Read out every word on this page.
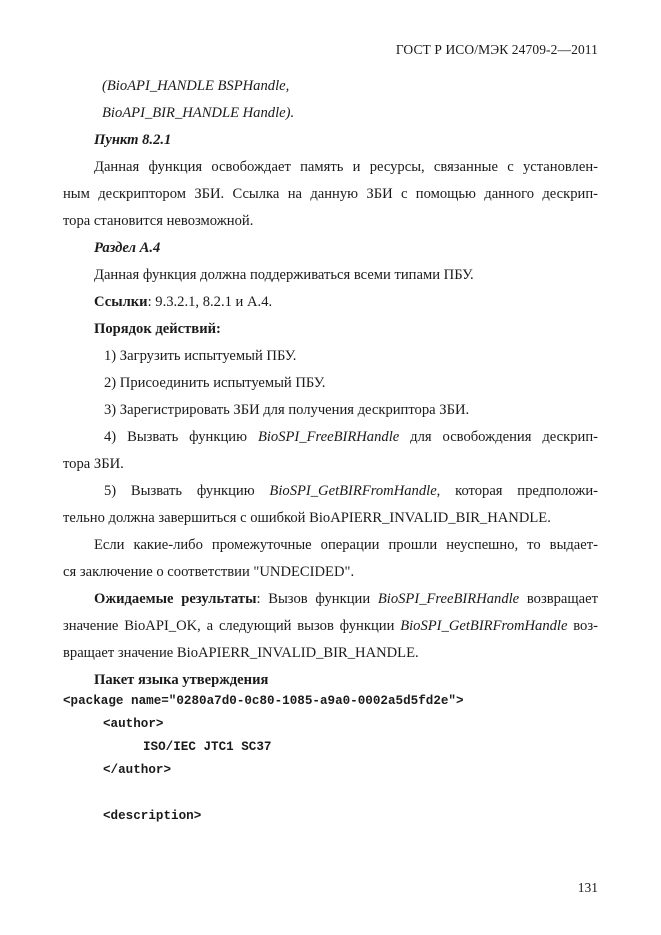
ГОСТ Р ИСО/МЭК 24709-2—2011
(BioAPI_HANDLE BSPHandle,
BioAPI_BIR_HANDLE Handle).
Пункт 8.2.1
Данная функция освобождает память и ресурсы, связанные с установлен-
ным дескриптором ЗБИ. Ссылка на данную ЗБИ с помощью данного дескрип-
тора становится невозможной.
Раздел А.4
Данная функция должна поддерживаться всеми типами ПБУ.
Ссылки: 9.3.2.1, 8.2.1 и А.4.
Порядок действий:
1) Загрузить испытуемый ПБУ.
2) Присоединить испытуемый ПБУ.
3) Зарегистрировать ЗБИ для получения дескриптора ЗБИ.
4) Вызвать функцию BioSPI_FreeBIRHandle для освобождения дескрип-
тора ЗБИ.
5) Вызвать функцию BioSPI_GetBIRFromHandle, которая предположи-
тельно должна завершиться с ошибкой BioAPIERR_INVALID_BIR_HANDLE.
Если какие-либо промежуточные операции прошли неуспешно, то выдает-
ся заключение о соответствии "UNDECIDED".
Ожидаемые результаты: Вызов функции BioSPI_FreeBIRHandle возвращает
значение BioAPI_OK, а следующий вызов функции BioSPI_GetBIRFromHandle воз-
вращает значение BioAPIERR_INVALID_BIR_HANDLE.
Пакет языка утверждения
<package name="0280a7d0-0c80-1085-a9a0-0002a5d5fd2e">
<author>
ISO/IEC JTC1 SC37
</author>
<description>
131
